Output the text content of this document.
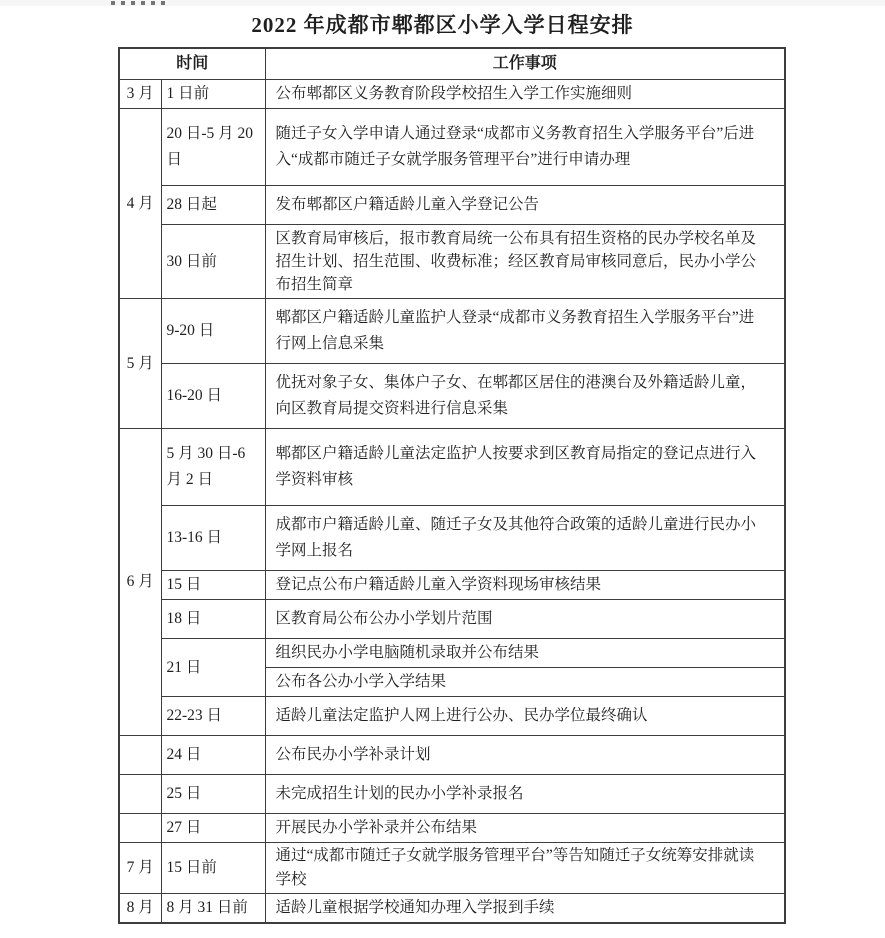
2022 年成都市郫都区小学入学日程安排
时间		工作事项
3 月	1 日前	公布郫都区义务教育阶段学校招生入学工作实施细则
4 月	20 日-5 月 20 日	随迁子女入学申请人通过登录“成都市义务教育招生入学服务平台”后进入“成都市随迁子女就学服务管理平台”进行申请办理
	28 日起	发布郫都区户籍适龄儿童入学登记公告
	30 日前	区教育局审核后，报市教育局统一公布具有招生资格的民办学校名单及招生计划、招生范围、收费标准；经区教育局审核同意后，民办小学公布招生简章
5 月	9-20 日	郫都区户籍适龄儿童监护人登录“成都市义务教育招生入学服务平台”进行网上信息采集
	16-20 日	优抚对象子女、集体户子女、在郫都区居住的港澳台及外籍适龄儿童，向区教育局提交资料进行信息采集
6 月	5 月 30 日-6 月 2 日	郫都区户籍适龄儿童法定监护人按要求到区教育局指定的登记点进行入学资料审核
	13-16 日	成都市户籍适龄儿童、随迁子女及其他符合政策的适龄儿童进行民办小学网上报名
	15 日	登记点公布户籍适龄儿童入学资料现场审核结果
	18 日	区教育局公布公办小学划片范围
	21 日	组织民办小学电脑随机录取并公布结果
		公布各公办小学入学结果
	22-23 日	适龄儿童法定监护人网上进行公办、民办学位最终确认
	24 日	公布民办小学补录计划
	25 日	未完成招生计划的民办小学补录报名
	27 日	开展民办小学补录并公布结果
7 月	15 日前	通过“成都市随迁子女就学服务管理平台”等告知随迁子女统筹安排就读学校
8 月	8 月 31 日前	适龄儿童根据学校通知办理入学报到手续
